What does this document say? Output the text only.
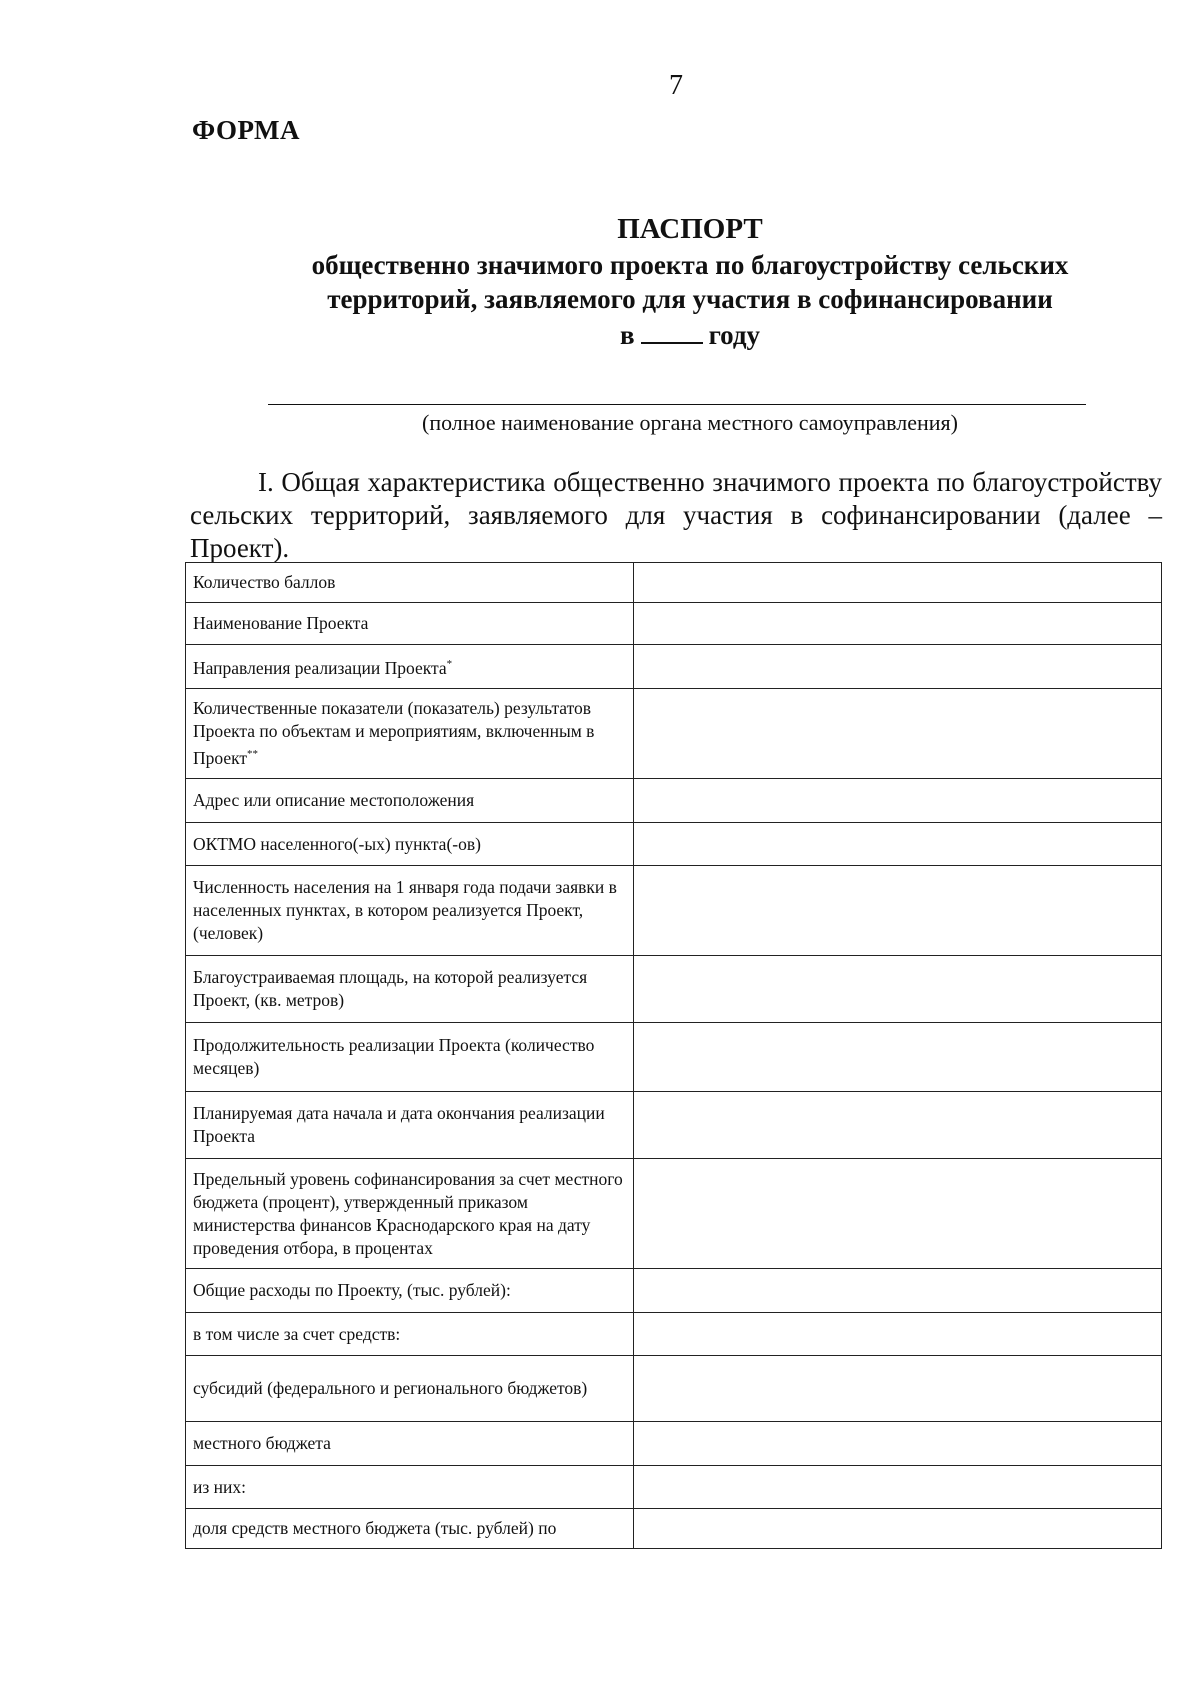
7
ФОРМА
ПАСПОРТ
общественно значимого проекта по благоустройству сельских
территорий, заявляемого для участия в софинансировании
в	году
(полное наименование органа местного самоуправления)
I. Общая характеристика общественно значимого проекта по благоустройству сельских территорий, заявляемого для участия в софинансировании (далее – Проект).
Количество баллов	
Наименование Проекта	
Направления реализации Проекта*	
Количественные показатели (показатель) результатов Проекта по объектам и мероприятиям, включенным в Проект**	
Адрес или описание местоположения	
ОКТМО населенного(-ых) пункта(-ов)	
Численность населения на 1 января года подачи заявки в населенных пунктах, в котором реализуется Проект, (человек)	
Благоустраиваемая площадь, на которой реализуется Проект, (кв. метров)	
Продолжительность реализации Проекта (количество месяцев)	
Планируемая дата начала и дата окончания реализации Проекта	
Предельный уровень софинансирования за счет местного бюджета (процент), утвержденный приказом министерства финансов Краснодарского края на дату проведения отбора, в процентах	
Общие расходы по Проекту, (тыс. рублей):	
в том числе за счет средств:	
субсидий (федерального и регионального бюджетов)	
местного бюджета	
из них:	
доля средств местного бюджета (тыс. рублей) по	
